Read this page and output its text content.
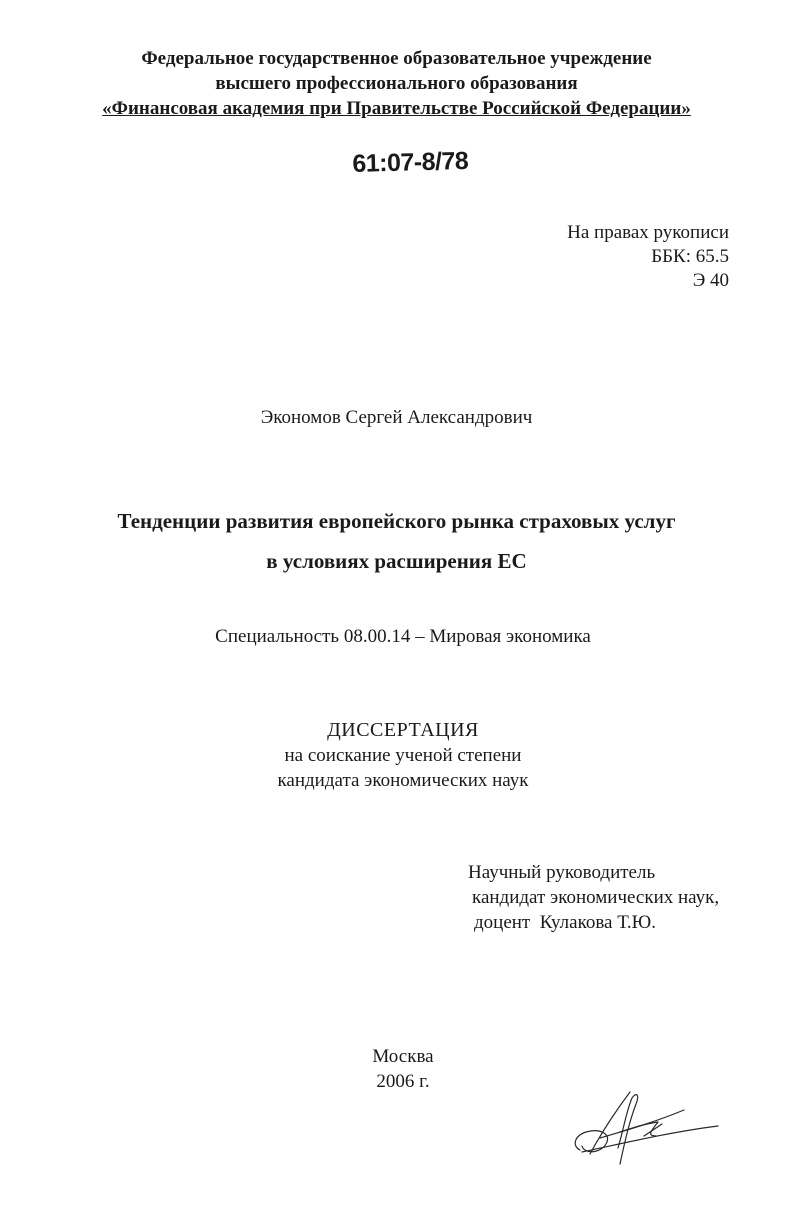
Федеральное государственное образовательное учреждение
высшего профессионального образования
«Финансовая академия при Правительстве Российской Федерации»
61:07-8/78
На правах рукописи
ББК: 65.5
Э 40
Экономов Сергей Александрович
Тенденции развития европейского рынка страховых услуг
в условиях расширения ЕС
Специальность 08.00.14 – Мировая экономика
ДИССЕРТАЦИЯ
на соискание ученой степени
кандидата экономических наук
Научный руководитель
кандидат экономических наук,
доцент  Кулакова Т.Ю.
Москва
2006 г.
